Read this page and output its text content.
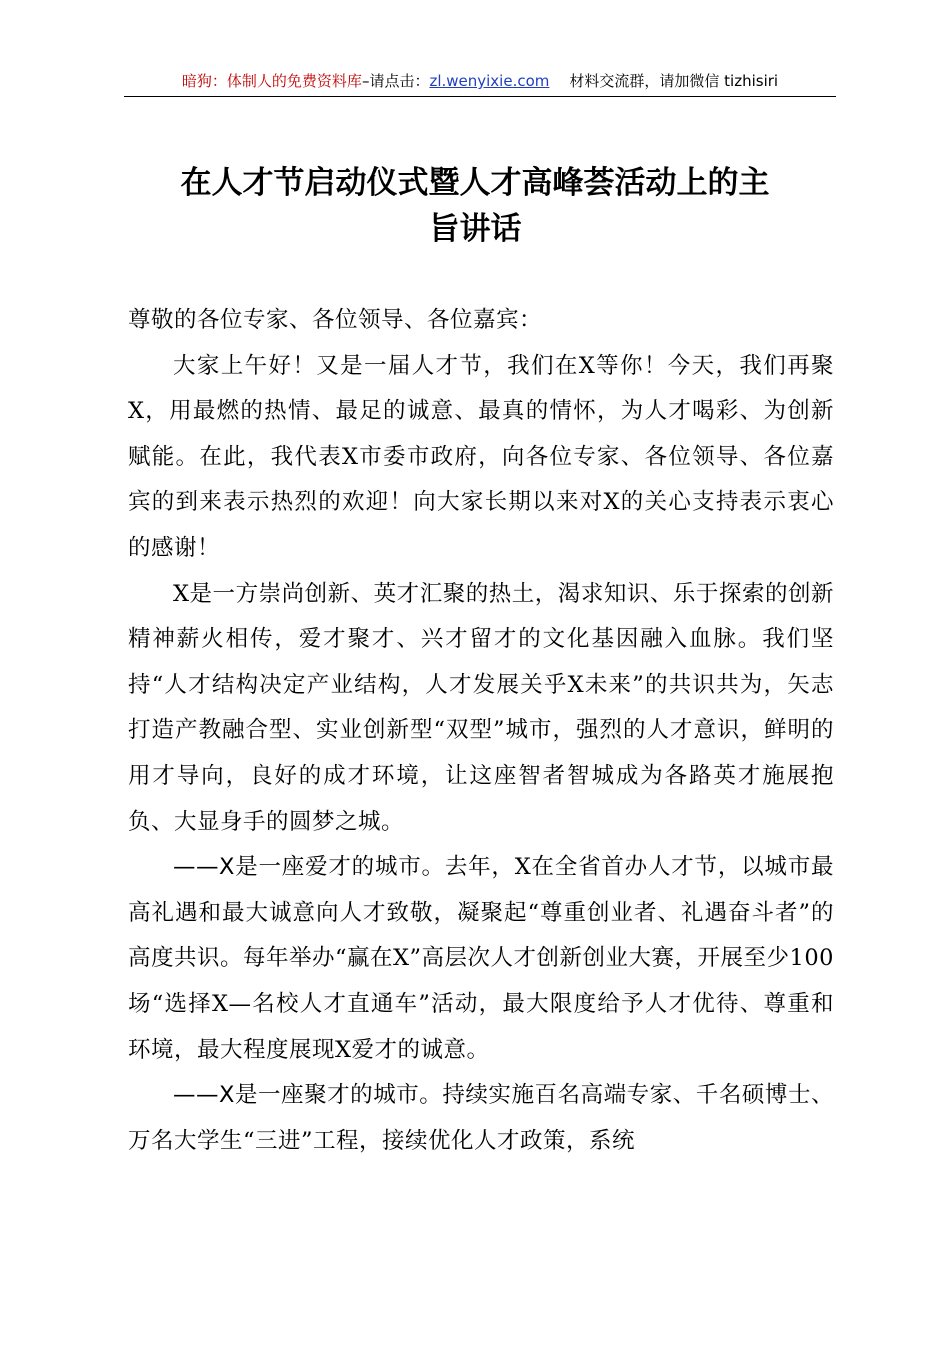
暗狗：体制人的免费资料库–请点击：zl.wenyixie.com 材料交流群，请加微信 tizhisiri
在人才节启动仪式暨人才高峰荟活动上的主
旨讲话

尊敬的各位专家、各位领导、各位嘉宾：

大家上午好！又是一届人才节，我们在X等你！今天，我们再聚X，用最燃的热情、最足的诚意、最真的情怀，为人才喝彩、为创新赋能。在此，我代表X市委市政府，向各位专家、各位领导、各位嘉宾的到来表示热烈的欢迎！向大家长期以来对X的关心支持表示衷心的感谢！

X是一方崇尚创新、英才汇聚的热土，渴求知识、乐于探索的创新精神薪火相传，爱才聚才、兴才留才的文化基因融入血脉。我们坚持“人才结构决定产业结构，人才发展关乎X未来”的共识共为，矢志打造产教融合型、实业创新型“双型”城市，强烈的人才意识，鲜明的用才导向，良好的成才环境，让这座智者智城成为各路英才施展抱负、大显身手的圆梦之城。

——X是一座爱才的城市。去年，X在全省首办人才节，以城市最高礼遇和最大诚意向人才致敬，凝聚起“尊重创业者、礼遇奋斗者”的高度共识。每年举办“赢在X”高层次人才创新创业大赛，开展至少100场“选择X—名校人才直通车”活动，最大限度给予人才优待、尊重和环境，最大程度展现X爱才的诚意。

——X是一座聚才的城市。持续实施百名高端专家、千名硕博士、万名大学生“三进”工程，接续优化人才政策，系统
